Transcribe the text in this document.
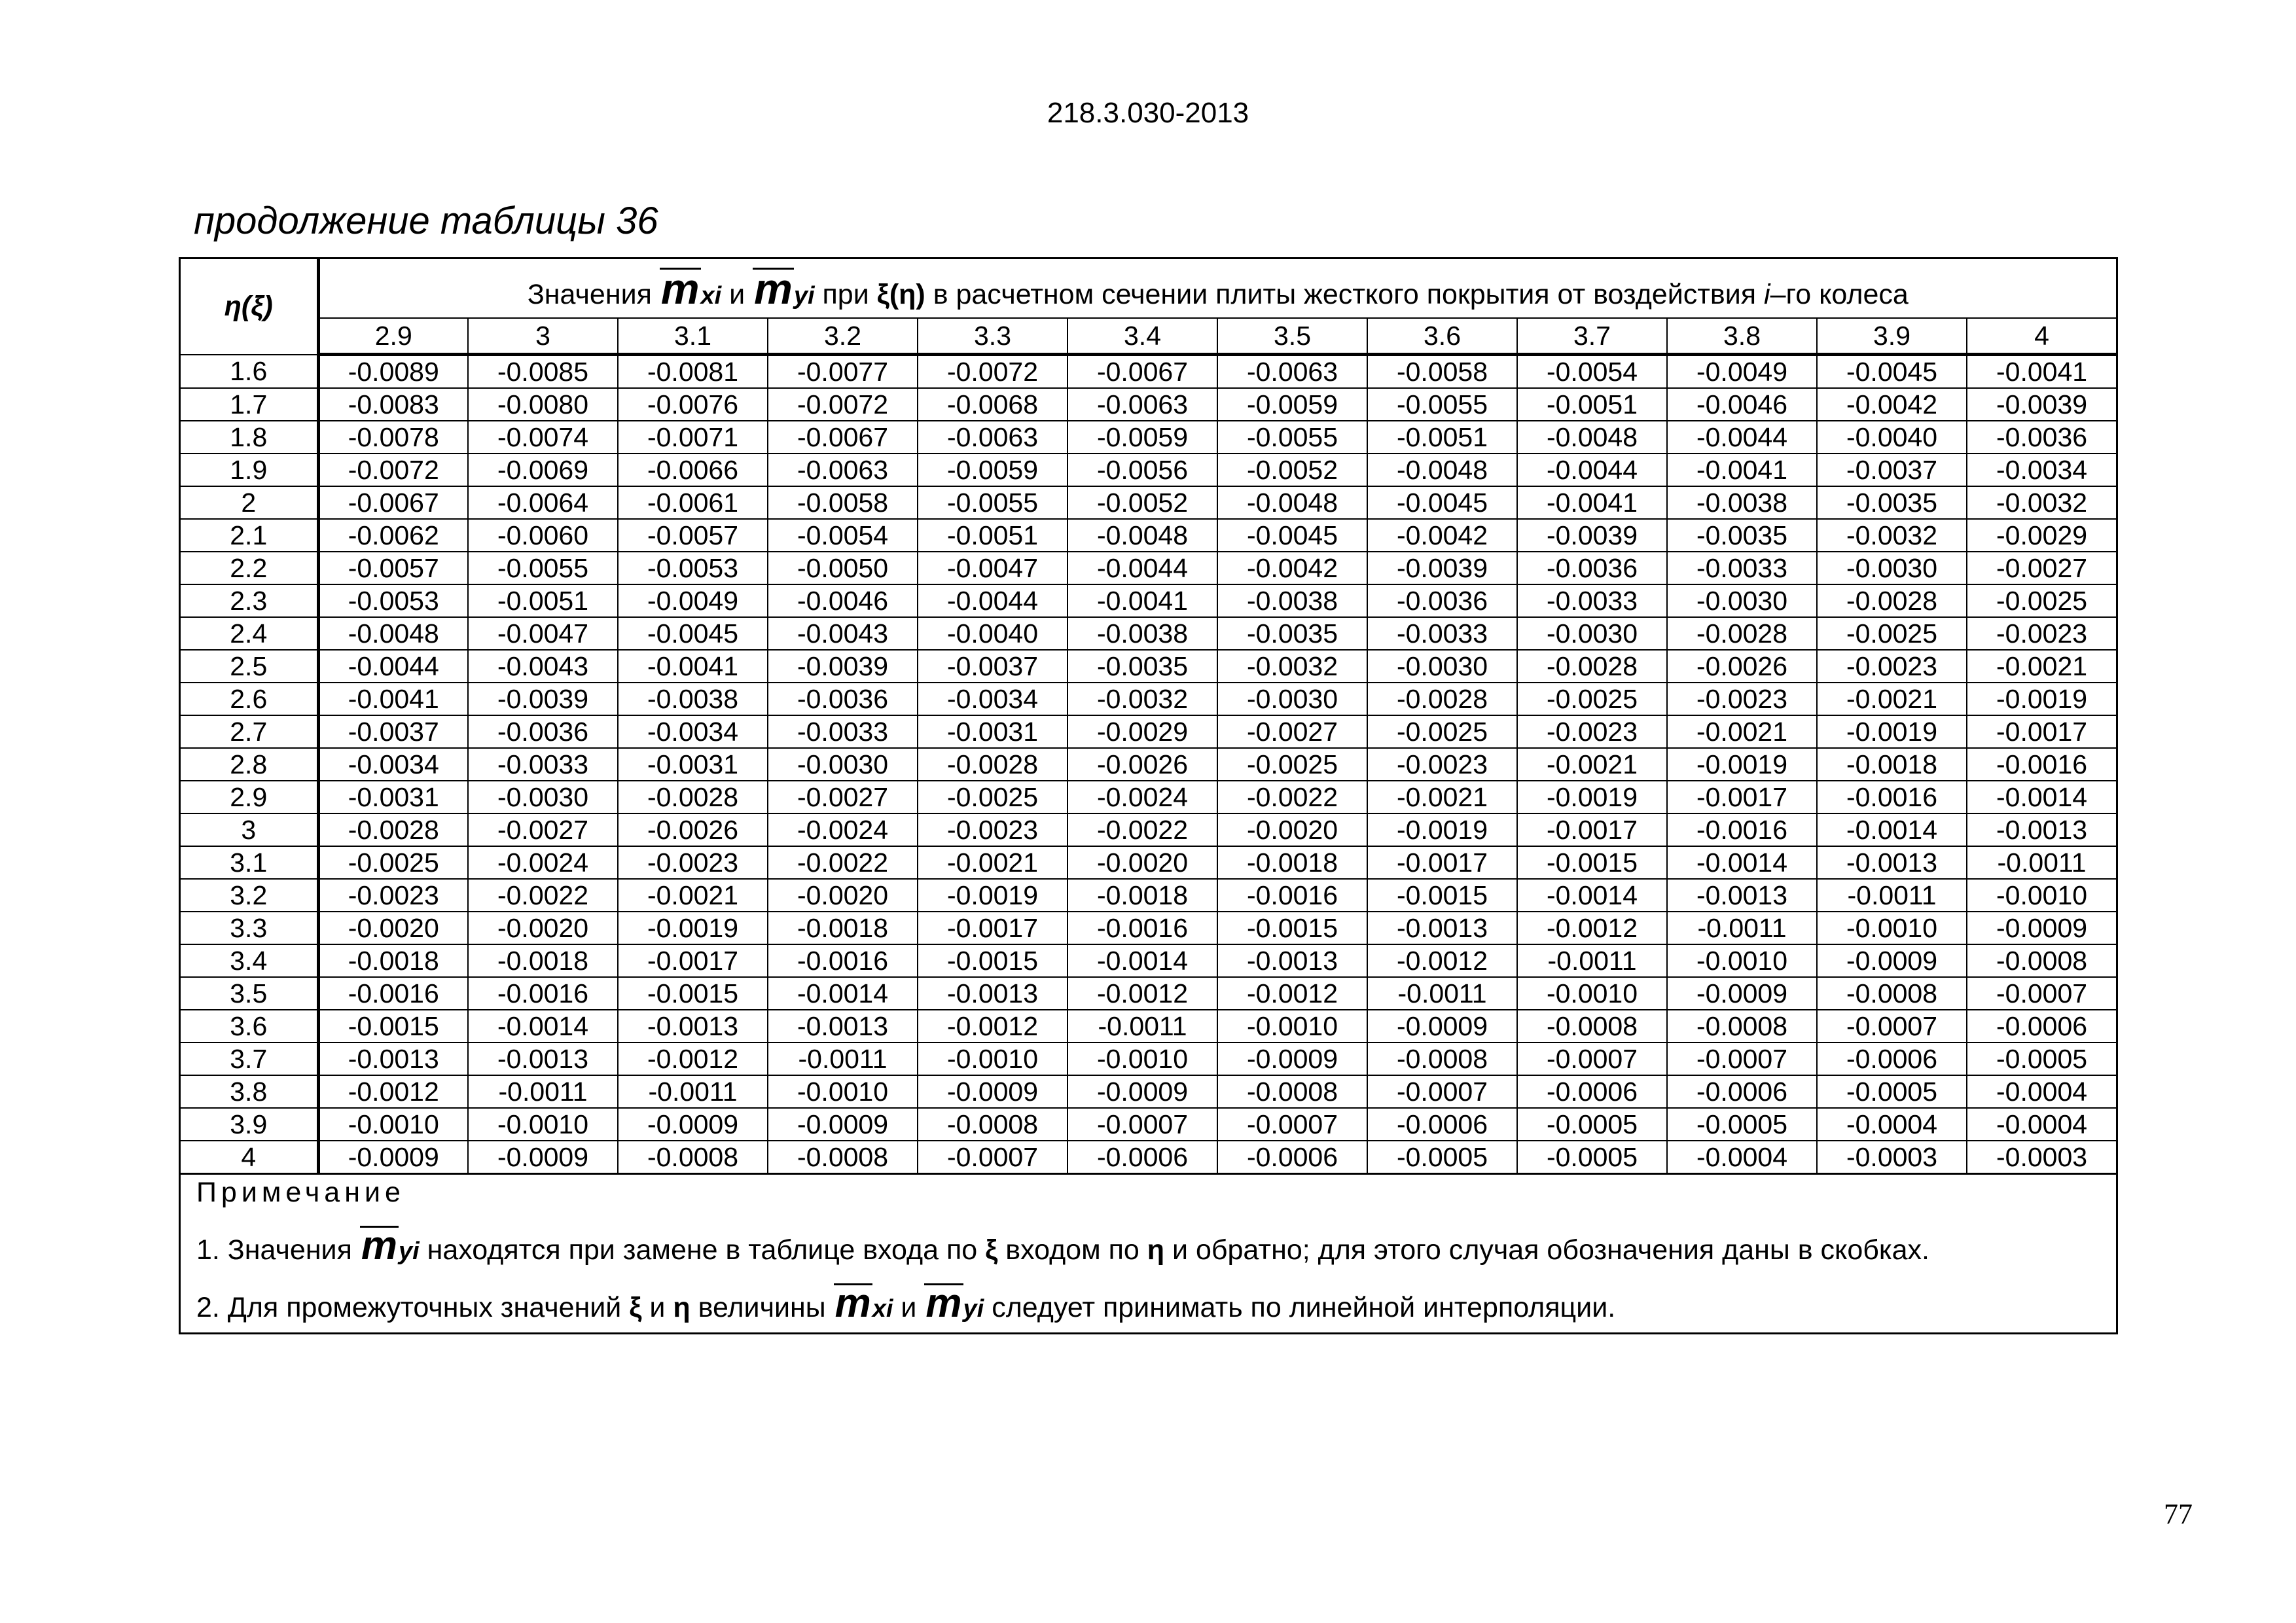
218.3.030-2013
продолжение таблицы 36
η(ξ)	Значения mxi и myi при ξ(η) в расчетном сечении плиты жесткого покрытия от воздействия i–го колеса											
	2.9	3	3.1	3.2	3.3	3.4	3.5	3.6	3.7	3.8	3.9	4
1.6	-0.0089	-0.0085	-0.0081	-0.0077	-0.0072	-0.0067	-0.0063	-0.0058	-0.0054	-0.0049	-0.0045	-0.0041
1.7	-0.0083	-0.0080	-0.0076	-0.0072	-0.0068	-0.0063	-0.0059	-0.0055	-0.0051	-0.0046	-0.0042	-0.0039
1.8	-0.0078	-0.0074	-0.0071	-0.0067	-0.0063	-0.0059	-0.0055	-0.0051	-0.0048	-0.0044	-0.0040	-0.0036
1.9	-0.0072	-0.0069	-0.0066	-0.0063	-0.0059	-0.0056	-0.0052	-0.0048	-0.0044	-0.0041	-0.0037	-0.0034
2	-0.0067	-0.0064	-0.0061	-0.0058	-0.0055	-0.0052	-0.0048	-0.0045	-0.0041	-0.0038	-0.0035	-0.0032
2.1	-0.0062	-0.0060	-0.0057	-0.0054	-0.0051	-0.0048	-0.0045	-0.0042	-0.0039	-0.0035	-0.0032	-0.0029
2.2	-0.0057	-0.0055	-0.0053	-0.0050	-0.0047	-0.0044	-0.0042	-0.0039	-0.0036	-0.0033	-0.0030	-0.0027
2.3	-0.0053	-0.0051	-0.0049	-0.0046	-0.0044	-0.0041	-0.0038	-0.0036	-0.0033	-0.0030	-0.0028	-0.0025
2.4	-0.0048	-0.0047	-0.0045	-0.0043	-0.0040	-0.0038	-0.0035	-0.0033	-0.0030	-0.0028	-0.0025	-0.0023
2.5	-0.0044	-0.0043	-0.0041	-0.0039	-0.0037	-0.0035	-0.0032	-0.0030	-0.0028	-0.0026	-0.0023	-0.0021
2.6	-0.0041	-0.0039	-0.0038	-0.0036	-0.0034	-0.0032	-0.0030	-0.0028	-0.0025	-0.0023	-0.0021	-0.0019
2.7	-0.0037	-0.0036	-0.0034	-0.0033	-0.0031	-0.0029	-0.0027	-0.0025	-0.0023	-0.0021	-0.0019	-0.0017
2.8	-0.0034	-0.0033	-0.0031	-0.0030	-0.0028	-0.0026	-0.0025	-0.0023	-0.0021	-0.0019	-0.0018	-0.0016
2.9	-0.0031	-0.0030	-0.0028	-0.0027	-0.0025	-0.0024	-0.0022	-0.0021	-0.0019	-0.0017	-0.0016	-0.0014
3	-0.0028	-0.0027	-0.0026	-0.0024	-0.0023	-0.0022	-0.0020	-0.0019	-0.0017	-0.0016	-0.0014	-0.0013
3.1	-0.0025	-0.0024	-0.0023	-0.0022	-0.0021	-0.0020	-0.0018	-0.0017	-0.0015	-0.0014	-0.0013	-0.0011
3.2	-0.0023	-0.0022	-0.0021	-0.0020	-0.0019	-0.0018	-0.0016	-0.0015	-0.0014	-0.0013	-0.0011	-0.0010
3.3	-0.0020	-0.0020	-0.0019	-0.0018	-0.0017	-0.0016	-0.0015	-0.0013	-0.0012	-0.0011	-0.0010	-0.0009
3.4	-0.0018	-0.0018	-0.0017	-0.0016	-0.0015	-0.0014	-0.0013	-0.0012	-0.0011	-0.0010	-0.0009	-0.0008
3.5	-0.0016	-0.0016	-0.0015	-0.0014	-0.0013	-0.0012	-0.0012	-0.0011	-0.0010	-0.0009	-0.0008	-0.0007
3.6	-0.0015	-0.0014	-0.0013	-0.0013	-0.0012	-0.0011	-0.0010	-0.0009	-0.0008	-0.0008	-0.0007	-0.0006
3.7	-0.0013	-0.0013	-0.0012	-0.0011	-0.0010	-0.0010	-0.0009	-0.0008	-0.0007	-0.0007	-0.0006	-0.0005
3.8	-0.0012	-0.0011	-0.0011	-0.0010	-0.0009	-0.0009	-0.0008	-0.0007	-0.0006	-0.0006	-0.0005	-0.0004
3.9	-0.0010	-0.0010	-0.0009	-0.0009	-0.0008	-0.0007	-0.0007	-0.0006	-0.0005	-0.0005	-0.0004	-0.0004
4	-0.0009	-0.0009	-0.0008	-0.0008	-0.0007	-0.0006	-0.0006	-0.0005	-0.0005	-0.0004	-0.0003	-0.0003
Примечание
1. Значения myi находятся при замене в таблице входа по ξ входом по η и обратно; для этого случая обозначения даны в скобках.
2. Для промежуточных значений ξ и η величины mxi и myi следует принимать по линейной интерполяции.
77
